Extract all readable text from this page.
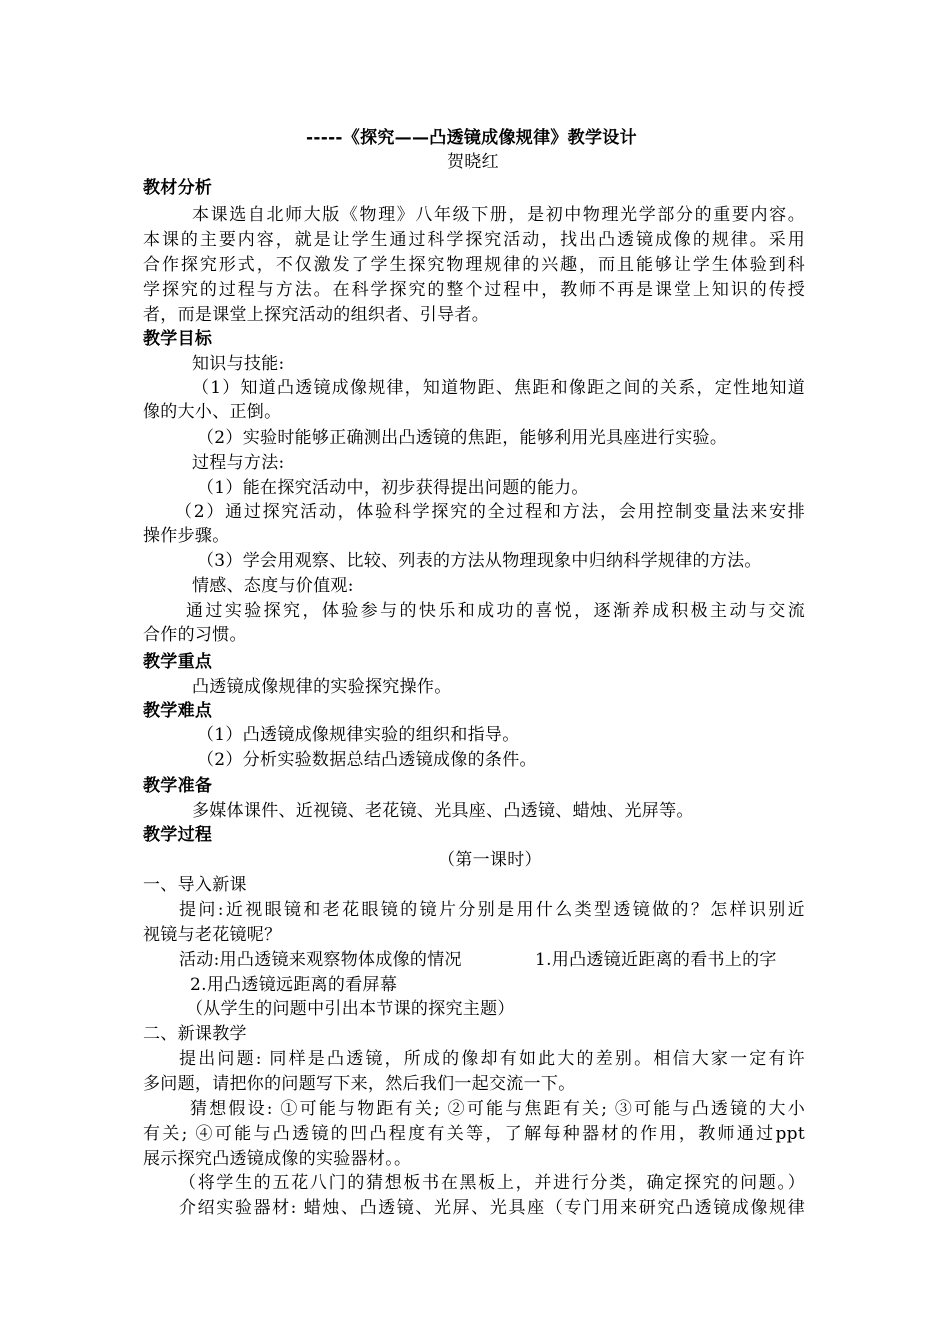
-----《探究——凸透镜成像规律》教学设计
贺晓红
教材分析
本课选自北师大版《物理》八年级下册，是初中物理光学部分的重要内容。
本课的主要内容，就是让学生通过科学探究活动，找出凸透镜成像的规律。采用
合作探究形式，不仅激发了学生探究物理规律的兴趣，而且能够让学生体验到科
学探究的过程与方法。在科学探究的整个过程中，教师不再是课堂上知识的传授
者，而是课堂上探究活动的组织者、引导者。
教学目标
知识与技能:
（1）知道凸透镜成像规律，知道物距、焦距和像距之间的关系，定性地知道
像的大小、正倒。
（2）实验时能够正确测出凸透镜的焦距，能够利用光具座进行实验。
过程与方法:
（1）能在探究活动中，初步获得提出问题的能力。
（2）通过探究活动，体验科学探究的全过程和方法，会用控制变量法来安排
操作步骤。
（3）学会用观察、比较、列表的方法从物理现象中归纳科学规律的方法。
情感、态度与价值观:
通过实验探究，体验参与的快乐和成功的喜悦，逐渐养成积极主动与交流
合作的习惯。
教学重点
凸透镜成像规律的实验探究操作。
教学难点
（1）凸透镜成像规律实验的组织和指导。
（2）分析实验数据总结凸透镜成像的条件。
教学准备
多媒体课件、近视镜、老花镜、光具座、凸透镜、蜡烛、光屏等。
教学过程
（第一课时）
一、导入新课
提问:近视眼镜和老花眼镜的镜片分别是用什么类型透镜做的？怎样识别近
视镜与老花镜呢？
活动:用凸透镜来观察物体成像的情况	1.用凸透镜近距离的看书上的字
2.用凸透镜远距离的看屏幕
（从学生的问题中引出本节课的探究主题）
二、新课教学
提出问题: 同样是凸透镜，所成的像却有如此大的差别。相信大家一定有许
多问题，请把你的问题写下来，然后我们一起交流一下。
猜想假设: ①可能与物距有关; ②可能与焦距有关; ③可能与凸透镜的大小
有关; ④可能与凸透镜的凹凸程度有关等，了解每种器材的作用，教师通过ppt
展示探究凸透镜成像的实验器材。。
（将学生的五花八门的猜想板书在黑板上，并进行分类，确定探究的问题。）
介绍实验器材: 蜡烛、凸透镜、光屏、光具座（专门用来研究凸透镜成像规律
